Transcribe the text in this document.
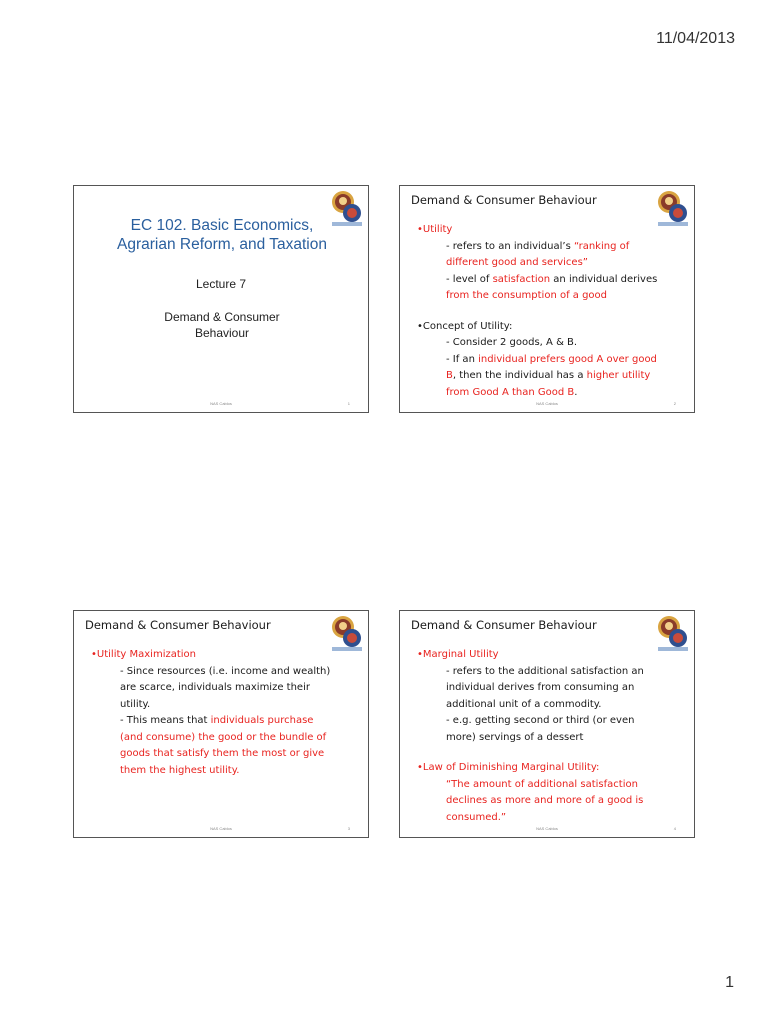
11/04/2013
EC 102. Basic Economics,
Agrarian Reform, and Taxation
Lecture 7
Demand & Consumer
Behaviour
NAS Cablos	1
Demand & Consumer Behaviour
•Utility
- refers to an individual’s “ranking of
different good and services”
- level of satisfaction an individual derives
from the consumption of a good
•Concept of Utility:
- Consider 2 goods, A & B.
- If an individual prefers good A over good
B, then the individual has a higher utility
from Good A than Good B.
NAS Cablos	2
Demand & Consumer Behaviour
•Utility Maximization
- Since resources (i.e. income and wealth)
are scarce, individuals maximize their
utility.
- This means that individuals purchase
(and consume) the good or the bundle of
goods that satisfy them the most or give
them the highest utility.
NAS Cablos	3
Demand & Consumer Behaviour
•Marginal Utility
- refers to the additional satisfaction an
individual derives from consuming an
additional unit of a commodity.
- e.g. getting second or third (or even
more) servings of a dessert
•Law of Diminishing Marginal Utility:
“The amount of additional satisfaction
declines as more and more of a good is
consumed.”
NAS Cablos	4
1
